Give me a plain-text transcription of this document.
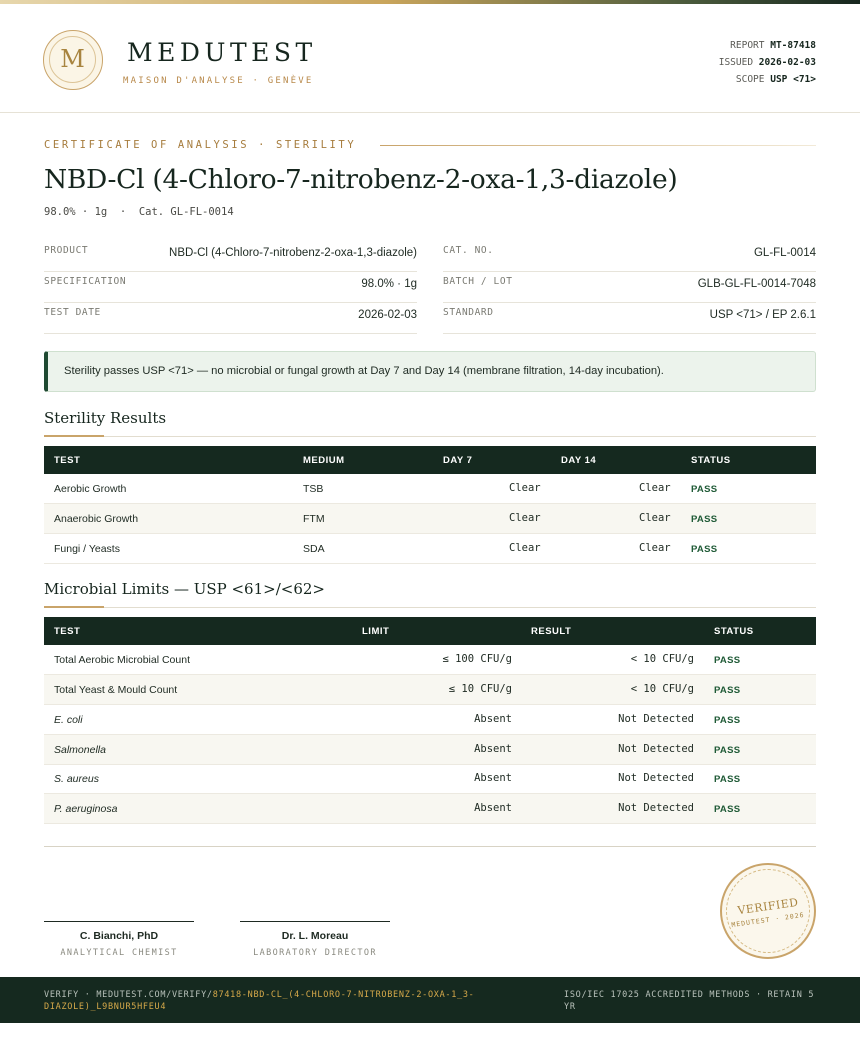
M	MEDUTEST
MAISON D'ANALYSE · GENÈVE
REPORT MT-87418
ISSUED 2026-02-03
SCOPE USP <71>
CERTIFICATE OF ANALYSIS · STERILITY
NBD-Cl (4-Chloro-7-nitrobenz-2-oxa-1,3-diazole)
98.0% · 1g  ·  Cat. GL-FL-0014
PRODUCT	NBD-Cl (4-Chloro-7-nitrobenz-2-oxa-1,3-diazole)
SPECIFICATION	98.0% · 1g
TEST DATE	2026-02-03
CAT. NO.	GL-FL-0014
BATCH / LOT	GLB-GL-FL-0014-7048
STANDARD	USP <71> / EP 2.6.1
Sterility passes USP <71> — no microbial or fungal growth at Day 7 and Day 14 (membrane filtration, 14-day incubation).
Sterility Results
TEST	MEDIUM	DAY 7	DAY 14	STATUS
Aerobic Growth	TSB	Clear	Clear PASS
Anaerobic Growth	FTM	Clear	Clear PASS
Fungi / Yeasts	SDA	Clear	Clear PASS
Microbial Limits — USP <61>/<62>
TEST	LIMIT	RESULT	STATUS
Total Aerobic Microbial Count	≤ 100 CFU/g	< 10 CFU/g PASS
Total Yeast & Mould Count	≤ 10 CFU/g	< 10 CFU/g PASS
E. coli	Absent	Not Detected PASS
Salmonella	Absent	Not Detected PASS
S. aureus	Absent	Not Detected PASS
P. aeruginosa	Absent	Not Detected PASS
C. Bianchi, PhD
ANALYTICAL CHEMIST
Dr. L. Moreau
LABORATORY DIRECTOR
VERIFIED
MEDUTEST · 2026
VERIFY · MEDUTEST.COM/VERIFY/87418-NBD-CL_(4-CHLORO-7-NITROBENZ-2-OXA-1_3-DIAZOLE)_L9BNUR5HFEU4
ISO/IEC 17025 ACCREDITED METHODS · RETAIN 5 YR
